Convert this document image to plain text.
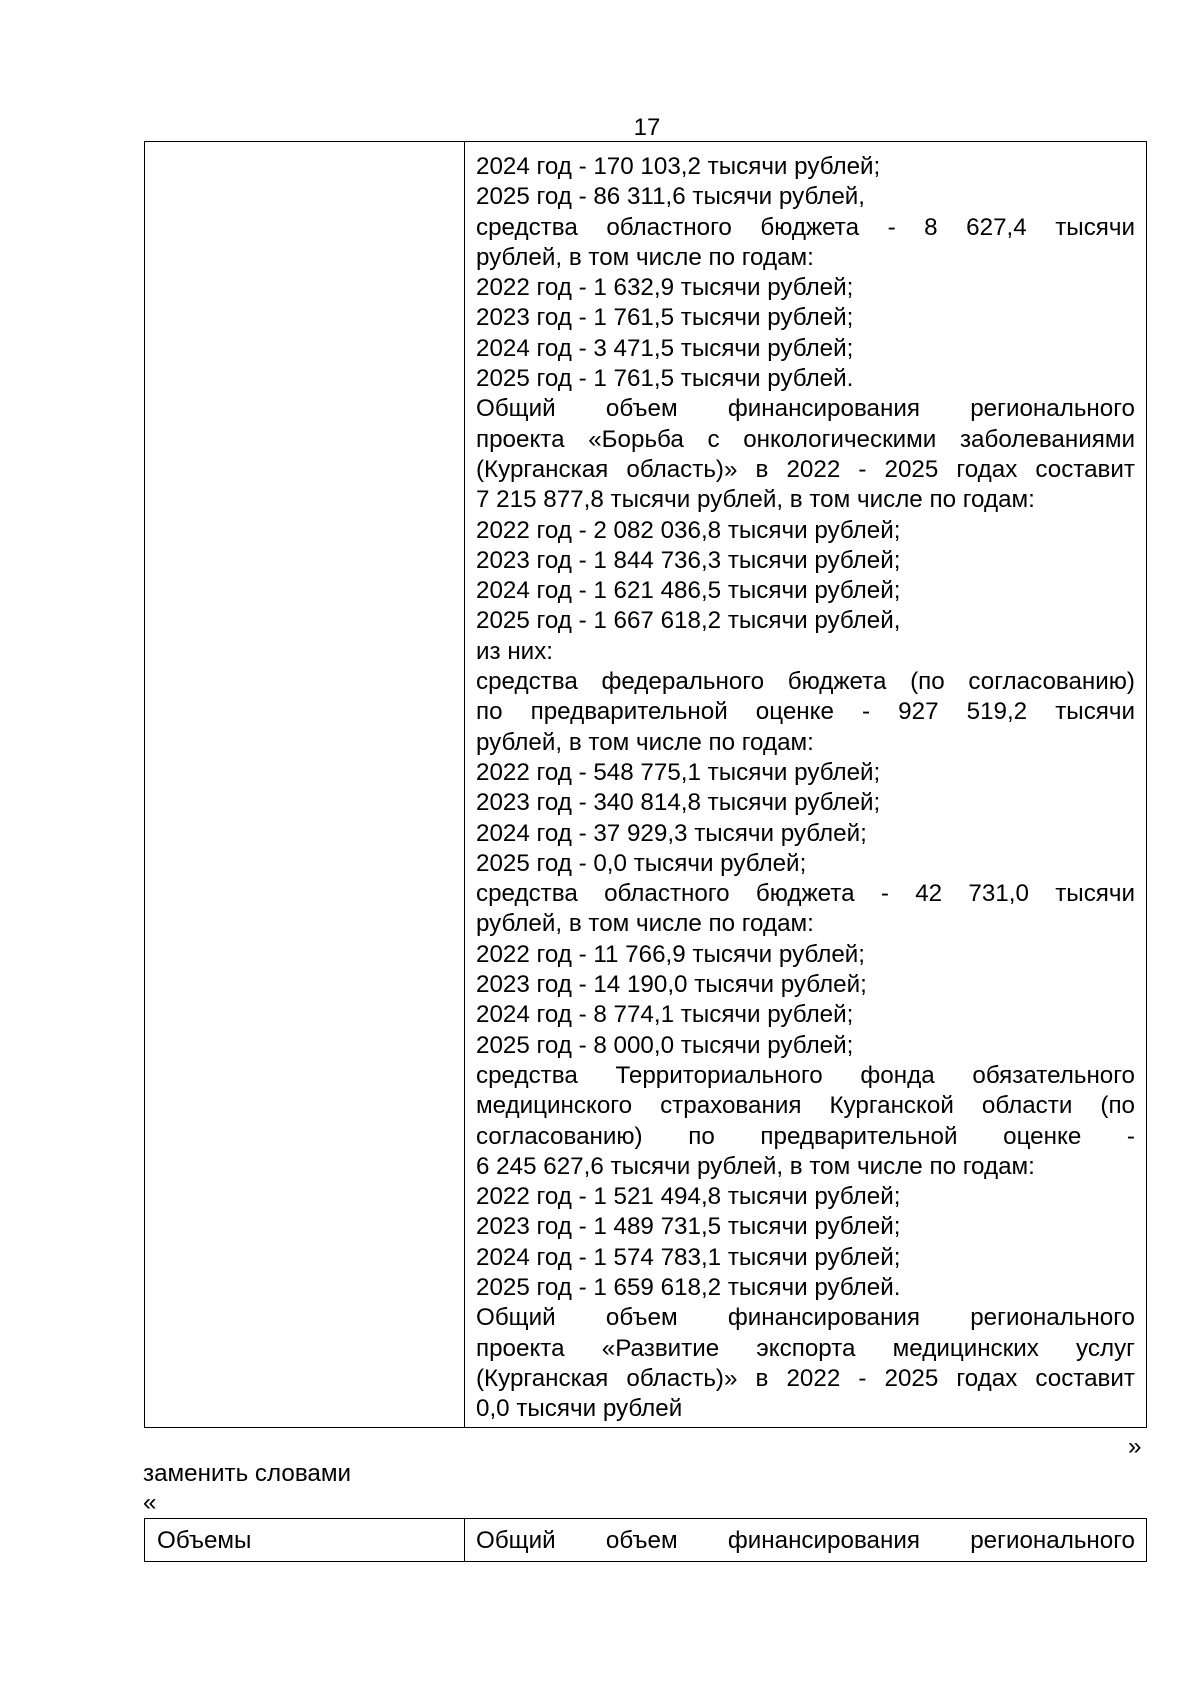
17
2024 год - 170 103,2 тысячи рублей;
2025 год - 86 311,6 тысячи рублей,
средства областного бюджета - 8 627,4 тысячи
рублей, в том числе по годам:
2022 год - 1 632,9 тысячи рублей;
2023 год - 1 761,5 тысячи рублей;
2024 год - 3 471,5 тысячи рублей;
2025 год - 1 761,5 тысячи рублей.
Общий объем финансирования регионального
проекта «Борьба с онкологическими заболеваниями
(Курганская область)» в 2022 - 2025 годах составит
7 215 877,8 тысячи рублей, в том числе по годам:
2022 год - 2 082 036,8 тысячи рублей;
2023 год - 1 844 736,3 тысячи рублей;
2024 год - 1 621 486,5 тысячи рублей;
2025 год - 1 667 618,2 тысячи рублей,
из них:
средства федерального бюджета (по согласованию)
по предварительной оценке - 927 519,2 тысячи
рублей, в том числе по годам:
2022 год - 548 775,1 тысячи рублей;
2023 год - 340 814,8 тысячи рублей;
2024 год - 37 929,3 тысячи рублей;
2025 год - 0,0 тысячи рублей;
средства областного бюджета - 42 731,0 тысячи
рублей, в том числе по годам:
2022 год - 11 766,9 тысячи рублей;
2023 год - 14 190,0 тысячи рублей;
2024 год - 8 774,1 тысячи рублей;
2025 год - 8 000,0 тысячи рублей;
средства Территориального фонда обязательного
медицинского страхования Курганской области (по
согласованию) по предварительной оценке -
6 245 627,6 тысячи рублей, в том числе по годам:
2022 год - 1 521 494,8 тысячи рублей;
2023 год - 1 489 731,5 тысячи рублей;
2024 год - 1 574 783,1 тысячи рублей;
2025 год - 1 659 618,2 тысячи рублей.
Общий объем финансирования регионального
проекта «Развитие экспорта медицинских услуг
(Курганская область)» в 2022 - 2025 годах составит
0,0 тысячи рублей
»
заменить словами
«
Объемы	Общий объем финансирования регионального
